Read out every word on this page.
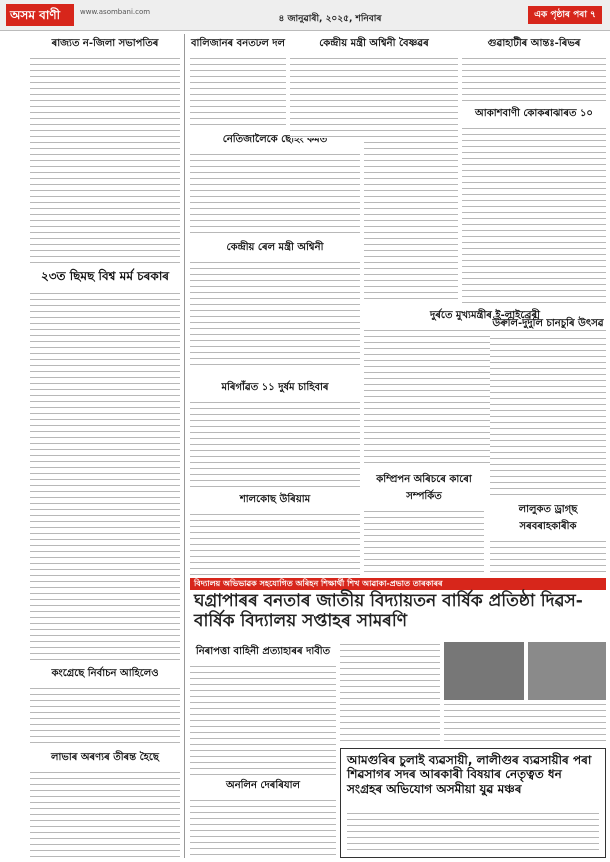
অসম বাণী	www.asombani.com
৪ জানুৱাৰী, ২০২৫, শনিবাৰ	এক পৃষ্ঠাৰ পৰা ৭
ৰাজ্যত ন-জিলা সভাপতিৰ
২৩ত ছিমছ বিশ্ব মৰ্ম চৰকাৰ
কংগ্ৰেছে নিৰ্বাচন আহিলেও
লাভাৰ অৰণ্যৰ তীৰন্ত হৈছে
বালিজানৰ বনতঢল দল
নেতিজালৈকে ছেহিং কমত
কেন্দ্ৰীয় ৰেল মন্ত্ৰী অশ্বিনী
মৰিগাঁৱত ১১ দুৰ্ষম চাহিবাৰ
শালকোছ উৰিয়াম
কেন্দ্ৰীয় মন্ত্ৰী অশ্বিনী বৈষ্ণৱৰ
দুৰ্ৰতে মুখ্যমন্ত্ৰীৰ ই-লাইব্ৰেৰী
কম্প্ৰিপন অৰিচৰে কাৰো সম্পৰ্কিত
গুৱাহাটীৰ আন্তঃ-ৰিভৰ
আকাশবাণী কোকৰাঝাৰত ১০
উৰুলি-দুদুলি চানচুৰি উৎসৱ
লালুকত ড্ৰাগ্ছ সৰবৰাহকাৰীক
বিদ্যালয় অভিভাৱক সহযোগিত অৰিহন শিক্ষাৰ্থী শিখ আৱাকা-প্ৰভাত তাৰকাৰৰ
ঘগ্ৰাপাৰৰ বনতাৰ জাতীয় বিদ্যায়তন বাৰ্ষিক প্ৰতিষ্ঠা দিৱস-বাৰ্ষিক বিদ্যালয় সপ্তাহৰ সামৰণি
নিৰাপত্তা বাহিনী প্ৰত্যাহাৰৰ দাবীত
অনলিন দেৰৰিযাল
আমগুৰিৰ চুলাই ব্যৱসায়ী, লালীগুৰ ব্যৱসায়ীৰ পৰা শিৱসাগৰ সদৰ আৰকাৰী বিষয়াৰ নেতৃত্বত ধন সংগ্ৰহৰ অভিযোগ অসমীয়া যুৱ মঞ্চৰ
